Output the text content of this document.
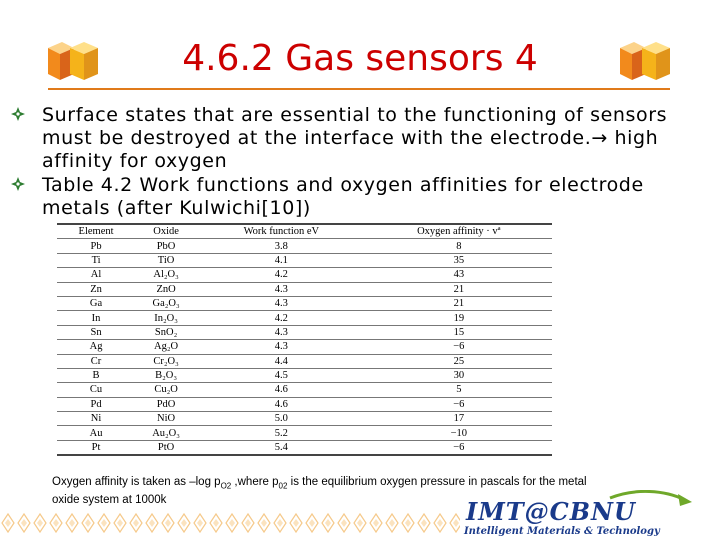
4.6.2 Gas sensors 4
Surface states that are essential to the functioning of sensors must be destroyed at the interface with the electrode.→ high affinity for oxygen
Table 4.2 Work functions and oxygen affinities for electrode metals (after Kulwichi[10])
Element	Oxide	Work function eV	Oxygen affinity · vª
Pb	PbO	3.8	8
Ti	TiO	4.1	35
Al	Al₂O₃	4.2	43
Zn	ZnO	4.3	21
Ga	Ga₂O₃	4.3	21
In	In₂O₃	4.2	19
Sn	SnO₂	4.3	15
Ag	Ag₂O	4.3	−6
Cr	Cr₂O₃	4.4	25
B	B₂O₃	4.5	30
Cu	Cu₂O	4.6	5
Pd	PdO	4.6	−6
Ni	NiO	5.0	17
Au	Au₂O₃	5.2	−10
Pt	PtO	5.4	−6
Oxygen affinity is taken as –log $p_{O2}$ ,where $p_{02}$ is the equilibrium oxygen pressure in pascals for the metal
oxide system at 1000k	IMT@CBNU
Intelligent Materials & Technology
